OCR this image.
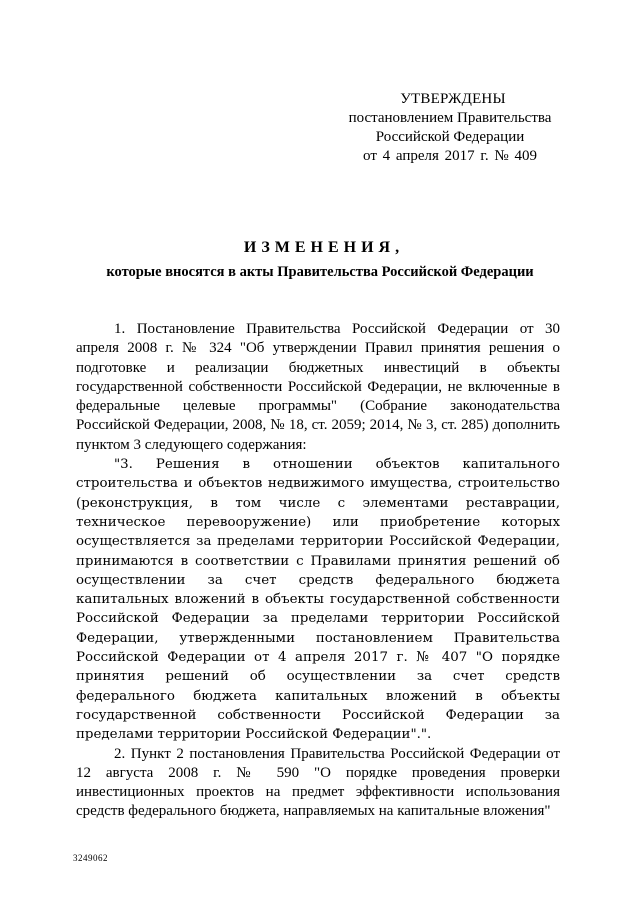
УТВЕРЖДЕНЫ
постановлением Правительства
Российской Федерации
от 4 апреля 2017 г. № 409
ИЗМЕНЕНИЯ,
которые вносятся в акты Правительства Российской Федерации

1. Постановление Правительства Российской Федерации от 30 апреля 2008 г. № 324 "Об утверждении Правил принятия решения о подготовке и реализации бюджетных инвестиций в объекты государственной собственности Российской Федерации, не включенные в федеральные целевые программы" (Собрание законодательства Российской Федерации, 2008, № 18, ст. 2059; 2014, № 3, ст. 285) дополнить пунктом 3 следующего содержания:

"3. Решения в отношении объектов капитального строительства и объектов недвижимого имущества, строительство (реконструкция, в том числе с элементами реставрации, техническое перевооружение) или приобретение которых осуществляется за пределами территории Российской Федерации, принимаются в соответствии с Правилами принятия решений об осуществлении за счет средств федерального бюджета капитальных вложений в объекты государственной собственности Российской Федерации за пределами территории Российской Федерации, утвержденными постановлением Правительства Российской Федерации от 4 апреля 2017 г. № 407 "О порядке принятия решений об осуществлении за счет средств федерального бюджета капитальных вложений в объекты государственной собственности Российской Федерации за пределами территории Российской Федерации".".

2. Пункт 2 постановления Правительства Российской Федерации от 12 августа 2008 г. № 590 "О порядке проведения проверки инвестиционных проектов на предмет эффективности использования средств федерального бюджета, направляемых на капитальные вложения"

3249062
